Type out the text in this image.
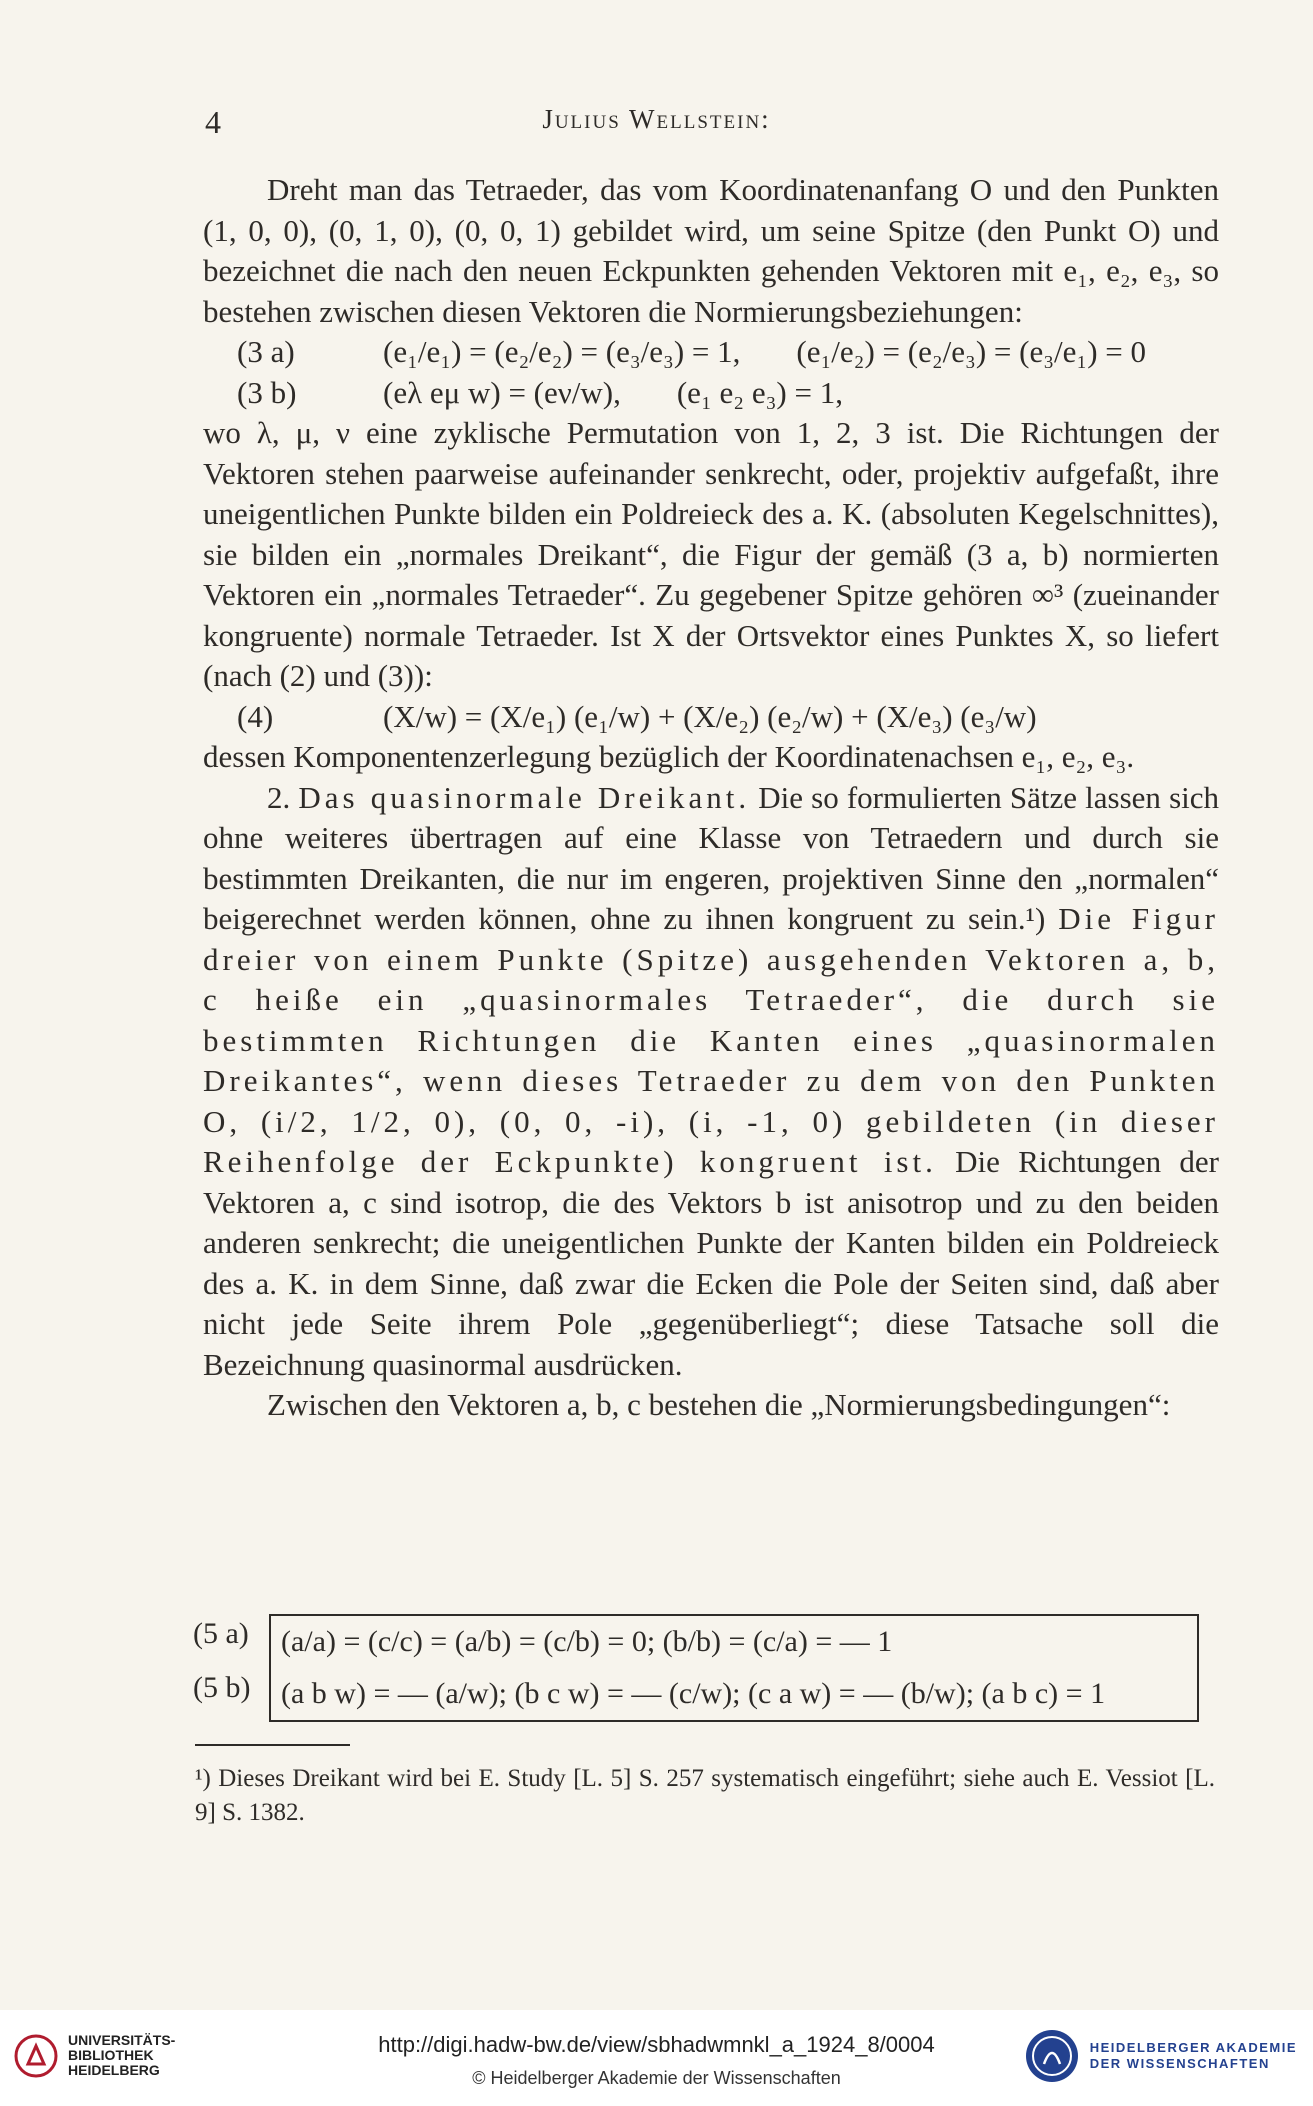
4	Julius Wellstein:

Dreht man das Tetraeder, das vom Koordinatenanfang O und den Punkten (1, 0, 0), (0, 1, 0), (0, 0, 1) gebildet wird, um seine Spitze (den Punkt O) und bezeichnet die nach den neuen Eckpunkten gehenden Vektoren mit e₁, e₂, e₃, so bestehen zwischen diesen Vektoren die Normierungsbeziehungen:

(3 a)	(e₁/e₁) = (e₂/e₂) = (e₃/e₃) = 1, (e₁/e₂) = (e₂/e₃) = (e₃/e₁) = 0
(3 b)	(eλ eμ w) = (eν/w), (e₁ e₂ e₃) = 1,

wo λ, μ, ν eine zyklische Permutation von 1, 2, 3 ist. Die Richtungen der Vektoren stehen paarweise aufeinander senkrecht, oder, projektiv aufgefaßt, ihre uneigentlichen Punkte bilden ein Poldreieck des a. K. (absoluten Kegelschnittes), sie bilden ein „normales Dreikant“, die Figur der gemäß (3 a, b) normierten Vektoren ein „normales Tetraeder“. Zu gegebener Spitze gehören ∞³ (zueinander kongruente) normale Tetraeder. Ist X der Ortsvektor eines Punktes X, so liefert (nach (2) und (3)):

(4)	(X/w) = (X/e₁) (e₁/w) + (X/e₂) (e₂/w) + (X/e₃) (e₃/w)

dessen Komponentenzerlegung bezüglich der Koordinatenachsen e₁, e₂, e₃.

2. Das quasinormale Dreikant. Die so formulierten Sätze lassen sich ohne weiteres übertragen auf eine Klasse von Tetraedern und durch sie bestimmten Dreikanten, die nur im engeren, projektiven Sinne den „normalen“ beigerechnet werden können, ohne zu ihnen kongruent zu sein.¹) Die Figur dreier von einem Punkte (Spitze) ausgehenden Vektoren a, b, c heiße ein „quasinormales Tetraeder“, die durch sie bestimmten Richtungen die Kanten eines „quasinormalen Dreikantes“, wenn dieses Tetraeder zu dem von den Punkten O, (i/2, 1/2, 0), (0, 0, -i), (i, -1, 0) gebildeten (in dieser Reihenfolge der Eckpunkte) kongruent ist. Die Richtungen der Vektoren a, c sind isotrop, die des Vektors b ist anisotrop und zu den beiden anderen senkrecht; die uneigentlichen Punkte der Kanten bilden ein Poldreieck des a. K. in dem Sinne, daß zwar die Ecken die Pole der Seiten sind, daß aber nicht jede Seite ihrem Pole „gegenüberliegt“; diese Tatsache soll die Bezeichnung quasinormal ausdrücken.

Zwischen den Vektoren a, b, c bestehen die „Normierungsbedingungen“:

(5 a)	(a/a) = (c/c) = (a/b) = (c/b) = 0; (b/b) = (c/a) = — 1
(5 b)	(a b w) = — (a/w); (b c w) = — (c/w); (c a w) = — (b/w); (a b c) = 1
¹) Dieses Dreikant wird bei E. Study [L. 5] S. 257 systematisch eingeführt; siehe auch E. Vessiot [L. 9] S. 1382.
UNIVERSITÄTS-
BIBLIOTHEK
HEIDELBERG
http://digi.hadw-bw.de/view/sbhadwmnkl_a_1924_8/0004
© Heidelberger Akademie der Wissenschaften
HEIDELBERGER AKADEMIE
DER WISSENSCHAFTEN
